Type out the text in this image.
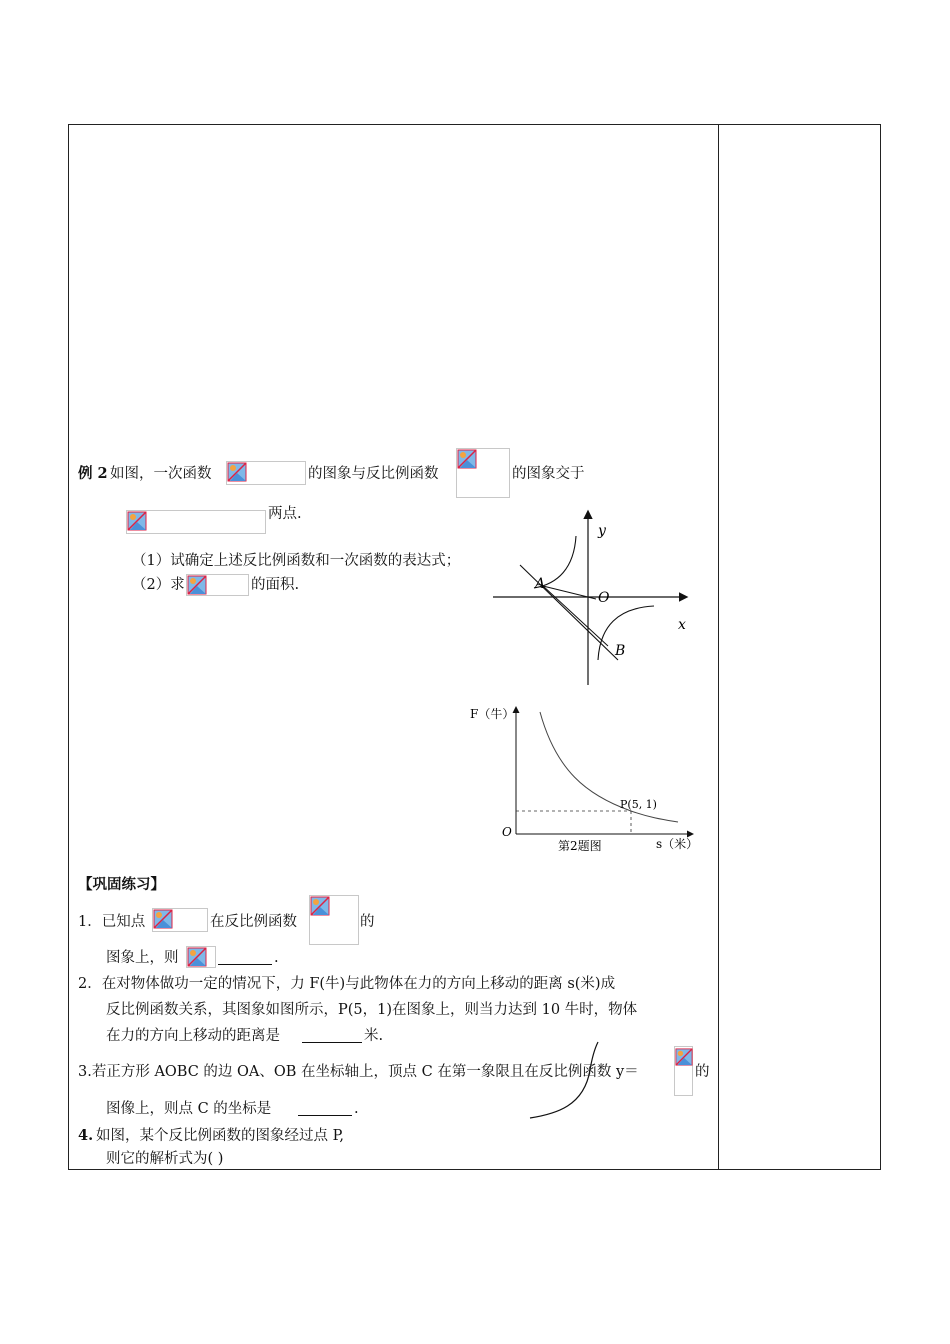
例 2 如图，一次函数	的图象与反比例函数	的图象交于
两点.
（1）试确定上述反比例函数和一次函数的表达式；
（2）求	的面积.
y
x
O
A
B
F（牛）
O
P(5, 1)
s（米）
第2题图
【巩固练习】
1．已知点	在反比例函数	的
图象上，则	.
2．在对物体做功一定的情况下，力 F(牛)与此物体在力的方向上移动的距离 s(米)成
反比例函数关系，其图象如图所示，P(5，1)在图象上，则当力达到 10 牛时，物体
在力的方向上移动的距离是	米.
3.若正方形 AOBC 的边 OA、OB 在坐标轴上，顶点 C 在第一象限且在反比例函数 y＝	的
图像上，则点 C 的坐标是	.
4. 如图，某个反比例函数的图象经过点 P,
则它的解析式为( )
